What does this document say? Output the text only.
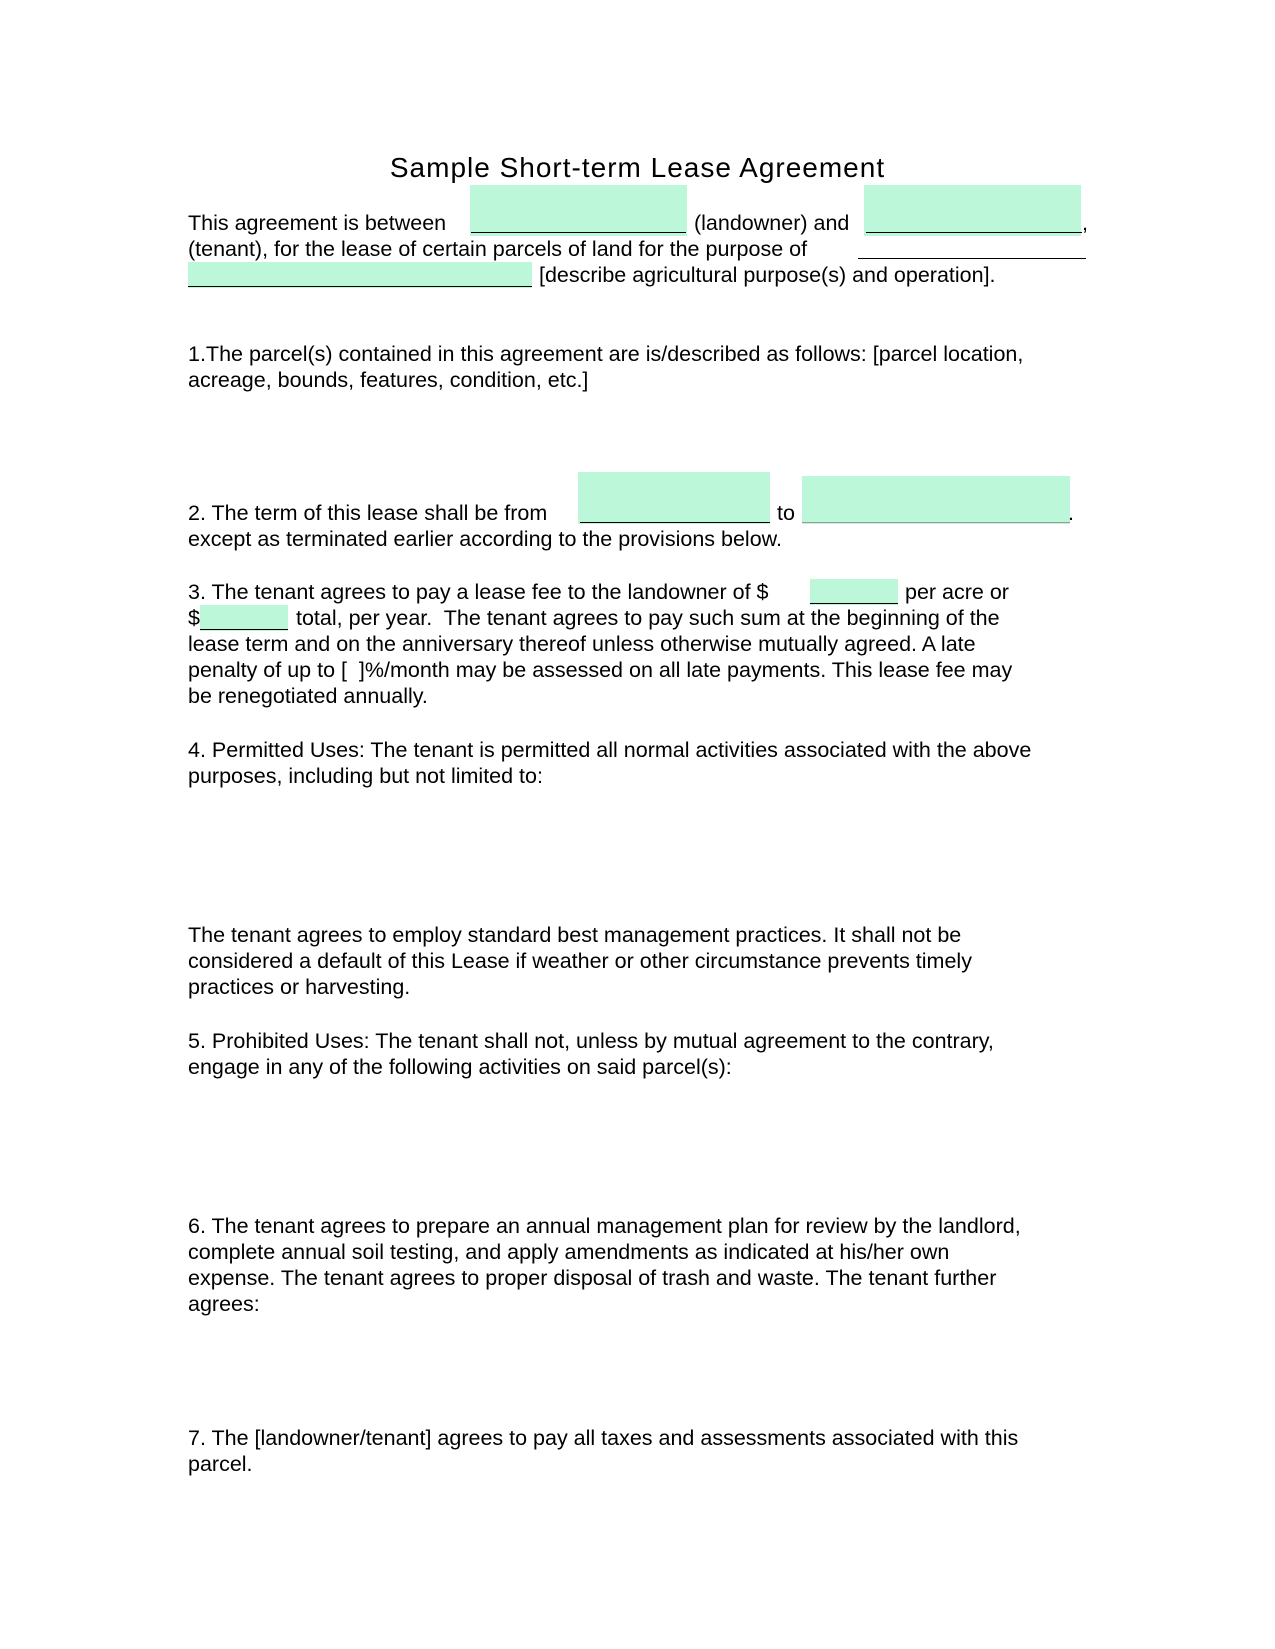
Sample Short-term Lease Agreement
This agreement is between	(landowner) and	,
(tenant), for the lease of certain parcels of land for the purpose of
[describe agricultural purpose(s) and operation].
1.The parcel(s) contained in this agreement are is/described as follows: [parcel location,
acreage, bounds, features, condition, etc.]
2. The term of this lease shall be from	to	.
except as terminated earlier according to the provisions below.
3. The tenant agrees to pay a lease fee to the landowner of $	per acre or
$	total, per year.  The tenant agrees to pay such sum at the beginning of the
lease term and on the anniversary thereof unless otherwise mutually agreed. A late
penalty of up to [  ]%/month may be assessed on all late payments. This lease fee may
be renegotiated annually.
4. Permitted Uses: The tenant is permitted all normal activities associated with the above
purposes, including but not limited to:
The tenant agrees to employ standard best management practices. It shall not be
considered a default of this Lease if weather or other circumstance prevents timely
practices or harvesting.
5. Prohibited Uses: The tenant shall not, unless by mutual agreement to the contrary,
engage in any of the following activities on said parcel(s):
6. The tenant agrees to prepare an annual management plan for review by the landlord,
complete annual soil testing, and apply amendments as indicated at his/her own
expense. The tenant agrees to proper disposal of trash and waste. The tenant further
agrees:
7. The [landowner/tenant] agrees to pay all taxes and assessments associated with this
parcel.
